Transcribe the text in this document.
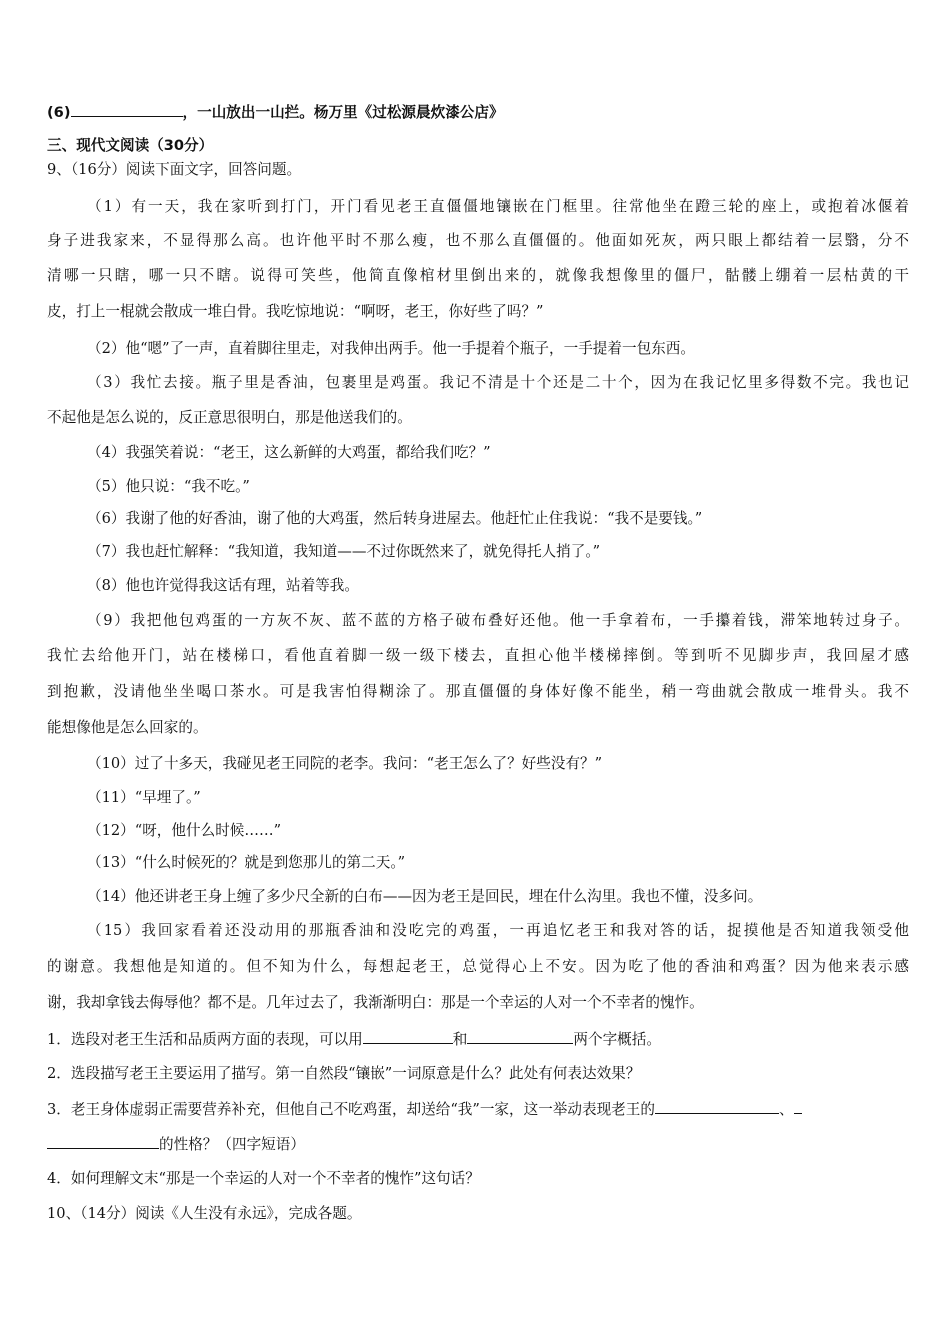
(6)	，一山放出一山拦。杨万里《过松源晨炊漆公店》
三、现代文阅读（30分）
9、（16分）阅读下面文字，回答问题。
（1）有一天，我在家听到打门，开门看见老王直僵僵地镶嵌在门框里。往常他坐在蹬三轮的座上，或抱着冰偃着
身子进我家来，不显得那么高。也许他平时不那么瘦，也不那么直僵僵的。他面如死灰，两只眼上都结着一层翳，分不
清哪一只瞎，哪一只不瞎。说得可笑些，他简直像棺材里倒出来的，就像我想像里的僵尸，骷髅上绷着一层枯黄的干
皮，打上一棍就会散成一堆白骨。我吃惊地说：“啊呀，老王，你好些了吗？”
（2）他“嗯”了一声，直着脚往里走，对我伸出两手。他一手提着个瓶子，一手提着一包东西。
（3）我忙去接。瓶子里是香油，包裹里是鸡蛋。我记不清是十个还是二十个，因为在我记忆里多得数不完。我也记
不起他是怎么说的，反正意思很明白，那是他送我们的。
（4）我强笑着说：“老王，这么新鲜的大鸡蛋，都给我们吃？”
（5）他只说：“我不吃。”
（6）我谢了他的好香油，谢了他的大鸡蛋，然后转身进屋去。他赶忙止住我说：“我不是要钱。”
（7）我也赶忙解释：“我知道，我知道——不过你既然来了，就免得托人捎了。”
（8）他也许觉得我这话有理，站着等我。
（9）我把他包鸡蛋的一方灰不灰、蓝不蓝的方格子破布叠好还他。他一手拿着布，一手攥着钱，滞笨地转过身子。
我忙去给他开门，站在楼梯口，看他直着脚一级一级下楼去，直担心他半楼梯摔倒。等到听不见脚步声，我回屋才感
到抱歉，没请他坐坐喝口茶水。可是我害怕得糊涂了。那直僵僵的身体好像不能坐，稍一弯曲就会散成一堆骨头。我不
能想像他是怎么回家的。
（10）过了十多天，我碰见老王同院的老李。我问：“老王怎么了？好些没有？”
（11）“早埋了。”
（12）“呀，他什么时候……”
（13）“什么时候死的？就是到您那儿的第二天。”
（14）他还讲老王身上缠了多少尺全新的白布——因为老王是回民，埋在什么沟里。我也不懂，没多问。
（15）我回家看着还没动用的那瓶香油和没吃完的鸡蛋，一再追忆老王和我对答的话，捉摸他是否知道我领受他
的谢意。我想他是知道的。但不知为什么，每想起老王，总觉得心上不安。因为吃了他的香油和鸡蛋？因为他来表示感
谢，我却拿钱去侮辱他？都不是。几年过去了，我渐渐明白：那是一个幸运的人对一个不幸者的愧怍。
1．选段对老王生活和品质两方面的表现，可以用	和	两个字概括。
2．选段描写老王主要运用了描写。第一自然段“镶嵌”一词原意是什么？此处有何表达效果？
3．老王身体虚弱正需要营养补充，但他自己不吃鸡蛋，却送给“我”一家，这一举动表现老王的	、
的性格？（四字短语）
4．如何理解文末“那是一个幸运的人对一个不幸者的愧怍”这句话？
10、（14分）阅读《人生没有永远》，完成各题。
